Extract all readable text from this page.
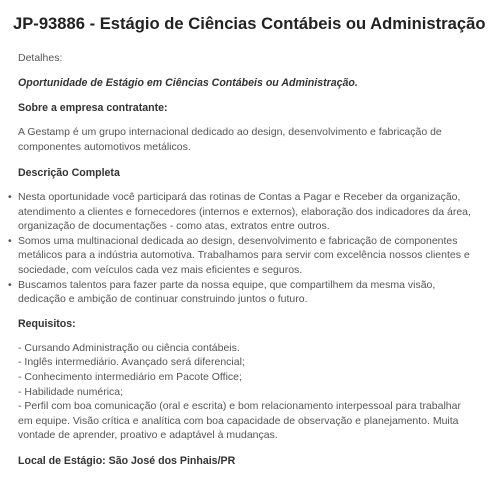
JP-93886 - Estágio de Ciências Contábeis ou Administração
Detalhes:
Oportunidade de Estágio em Ciências Contábeis ou Administração.
Sobre a empresa contratante:
A Gestamp é um grupo internacional dedicado ao design, desenvolvimento e fabricação de componentes automotivos metálicos.
Descrição Completa
• Nesta oportunidade você participará das rotinas de Contas a Pagar e Receber da organização, atendimento a clientes e fornecedores (internos e externos), elaboração dos indicadores da área, organização de documentações - como atas, extratos entre outros.
• Somos uma multinacional dedicada ao design, desenvolvimento e fabricação de componentes metálicos para a indústria automotiva. Trabalhamos para servir com excelência nossos clientes e sociedade, com veículos cada vez mais eficientes e seguros.
• Buscamos talentos para fazer parte da nossa equipe, que compartilhem da mesma visão, dedicação e ambição de continuar construindo juntos o futuro.
Requisitos:
- Cursando Administração ou ciência contábeis.
- Inglês intermediário. Avançado será diferencial;
- Conhecimento intermediário em Pacote Office;
- Habilidade numérica;
- Perfil com boa comunicação (oral e escrita) e bom relacionamento interpessoal para trabalhar em equipe. Visão crítica e analítica com boa capacidade de observação e planejamento. Muita vontade de aprender, proativo e adaptável à mudanças.
Local de Estágio: São José dos Pinhais/PR
